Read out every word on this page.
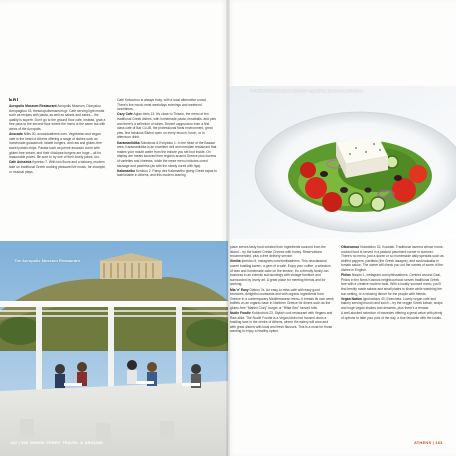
EAT

Acropolis Museum Restaurant Acropolis Museum, Dionysiou Areopagitou 15, theacropolismuseum.gr. Cafe serving light meals such as recipes with pasta, as well as salads and cakes – the quality is superb. Don't go to the ground floor cafe, instead, grab a free pass to the second floor where the menu is the same but with views of the Acropolis.

Avocado Nikis 30, avocadoathens.com. Vegetarian and vegan cafe in the heart of Athens offering a range of dishes such as homemade guacamole, falafel burgers, and raw and gluten-free sweet potato chips. Pastas such as penne avocado come with gluten-free cream, and their chickpea burgers are huge – all for reasonable prices. Be sure to try one of their lovely juices, too.

Cafe Avissinia Kynetou 7. With two floors and a balcony, modern take on traditional Greek cooking pleasant live music, for example, or musical plays.

Café Kekoutrou is always busy, with a local alternative crowd. There's live music most weekdays evenings and weekend lunchtimes.

Ozzy Cafe Agias Irinis 13. It's close to Thiseio, the menu of ten traditional Greek dishes, with homemade pasta, meatballs, and pies and there's a selection of wines. Decent cappuccino from a first class cafe of Bar CLUB, the professional floral environment, great pies, fine fabulous Bistrot open on every brunch, lunch, or in afternoon drink.

Karamanlidika Sokratous & Evripidou 1. In the heart of the Basaar area, Karamanlidika is an excellent deli and meridian restaurant that makes your mouth water from the minute you set foot inside. On display are meats sourced from regions around Greece plus dozens of varieties and cheeses, while the meze menu includes cured sausage and pastirma (as with the slowly cured with figs).

Kalamaribo Kenkiou 2. Pamp des Kalamaribo giving Greek tapas to fashionable in Athens, and this modern-leaning

place serves tasty food created from ingredients sourced from the island – try the baked Cretan Cheese with honey. Reservations recommended, plus a free delivery service.

Ximilia Iperidou 5, instagram.com/ximiliaathens. This neoclassical ouzeri bustling tavern, a gem of a café. Enjoy your coffee, a selection of teas and homemade cake on the terrace. It's a friendly family-run business in an eclectic surroundings with vintage furniture and surrounded by lovely art. A great place for meeting friends and for working.

Mia 'n' Easy Diakou 7a. An easy-to-miss café with easy good brunches, delightful croissants and with organic ingredients from Greece in a contemporary Mediterranean menu. It breaks its own week buffets on an organic base in Northern Greece for diners such as the gluten-free "Martini Cozy" burger or "Ritsa Sen" served rolls.

Nudie Foodie Kolokotroni 23. Stylish cool restaurant with Vegans and Raw alike. The Nudie Foodie is a Vegan bistro but housed down a bustling lane in the centre of Athens, where the eatery will wow and with great dishes with local and fresh flavours. This is a must for those wanting to enjoy a healthy option.

Oikonomou Kidantidon 32, Koukaki. Traditional taverna whose home-cooked food is served in a packed pavement corner in summer. There's no menu, just a dozen or so homemade daily specials such as stuffed peppers, pastitsio (the Greek lasagne), and soutzoukakia in tomato sauce. The owner will check you out the names of some of the dishes in English.

Philos Nissiro 1, instagram.com/philosathens. Centred around Gazi, Philos in the Neos Kosmos neighbourhood serves traditional Greek fare with a creative modern twist. With a locally sourced menu, you'll find freshly made salads and small plates to share while watching the sun setting, or a relaxing dinner for the people with friends.

Vegan Nation Ippokratous 43, Exarcheia. Lovely vegan café and bakery serving brunch and lunch – try the veggie Greek kebab, wraps and huge vegan shakes and desserts, plus there's a terrace.

A well-stocked selection of mezedes offering a great value with plenty of options to take your pick of the day, a true favourite with the locals.

A traditional Greek salad with fresh vegetables, feta cheese and olives
The Acropolis Museum Restaurant
162 | 500 GREEK FERRY TRAVEL & AROUND	ATHENS | 163
